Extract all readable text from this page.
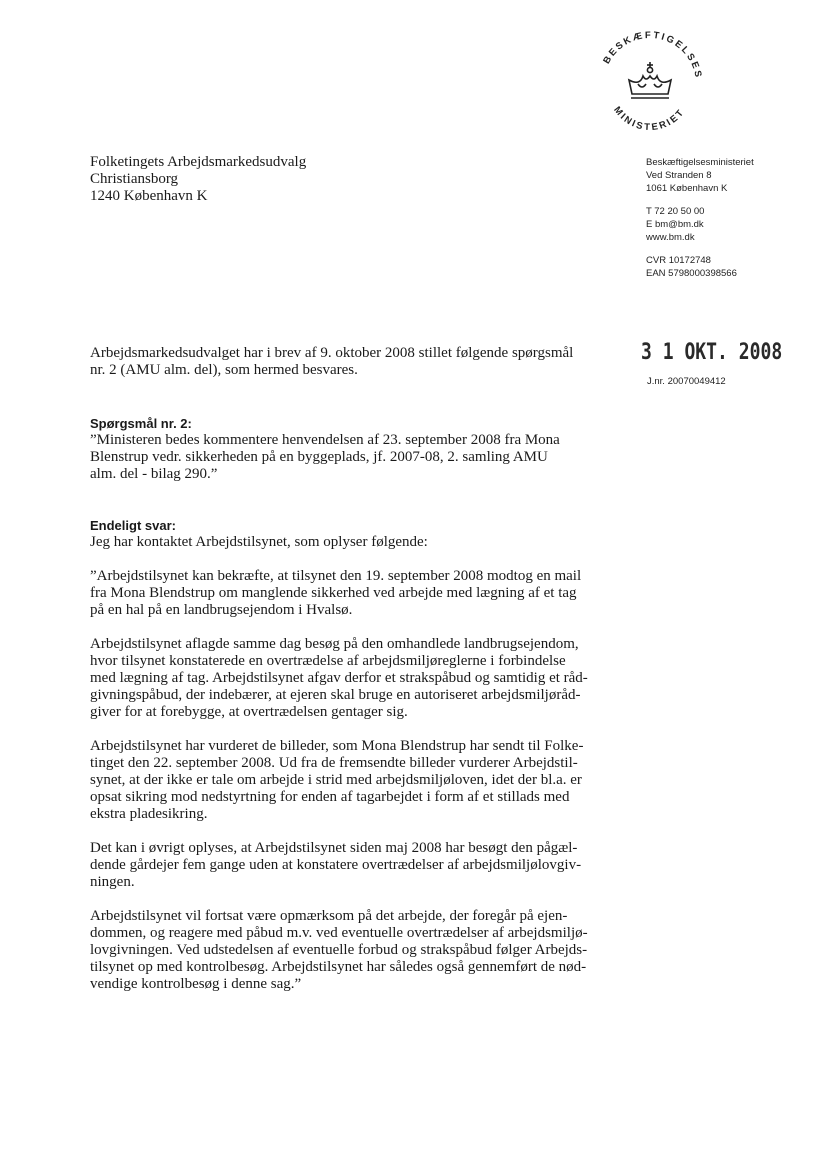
BESKÆFTIGELSES
MINISTERIET
Folketingets Arbejdsmarkedsudvalg
Christiansborg
1240 København K
Beskæftigelsesministeriet
Ved Stranden 8
1061 København K
T 72 20 50 00
E bm@bm.dk
www.bm.dk
CVR 10172748
EAN 5798000398566
Arbejdsmarkedsudvalget har i brev af 9. oktober 2008 stillet følgende spørgsmål
nr. 2 (AMU alm. del), som hermed besvares.
3 1 OKT. 2008
J.nr. 20070049412
Spørgsmål nr. 2:
”Ministeren bedes kommentere henvendelsen af 23. september 2008 fra Mona
Blenstrup vedr. sikkerheden på en byggeplads, jf. 2007-08, 2. samling AMU
alm. del - bilag 290.”
Endeligt svar:
Jeg har kontaktet Arbejdstilsynet, som oplyser følgende:
”Arbejdstilsynet kan bekræfte, at tilsynet den 19. september 2008 modtog en mail
fra Mona Blendstrup om manglende sikkerhed ved arbejde med lægning af et tag
på en hal på en landbrugsejendom i Hvalsø.
Arbejdstilsynet aflagde samme dag besøg på den omhandlede landbrugsejendom,
hvor tilsynet konstaterede en overtrædelse af arbejdsmiljøreglerne i forbindelse
med lægning af tag. Arbejdstilsynet afgav derfor et strakspåbud og samtidig et råd-
givningspåbud, der indebærer, at ejeren skal bruge en autoriseret arbejdsmiljøråd-
giver for at forebygge, at overtrædelsen gentager sig.
Arbejdstilsynet har vurderet de billeder, som Mona Blendstrup har sendt til Folke-
tinget den 22. september 2008. Ud fra de fremsendte billeder vurderer Arbejdstil-
synet, at der ikke er tale om arbejde i strid med arbejdsmiljøloven, idet der bl.a. er
opsat sikring mod nedstyrtning for enden af tagarbejdet i form af et stillads med
ekstra pladesikring.
Det kan i øvrigt oplyses, at Arbejdstilsynet siden maj 2008 har besøgt den pågæl-
dende gårdejer fem gange uden at konstatere overtrædelser af arbejdsmiljølovgiv-
ningen.
Arbejdstilsynet vil fortsat være opmærksom på det arbejde, der foregår på ejen-
dommen, og reagere med påbud m.v. ved eventuelle overtrædelser af arbejdsmiljø-
lovgivningen. Ved udstedelsen af eventuelle forbud og strakspåbud følger Arbejds-
tilsynet op med kontrolbesøg. Arbejdstilsynet har således også gennemført de nød-
vendige kontrolbesøg i denne sag.”
